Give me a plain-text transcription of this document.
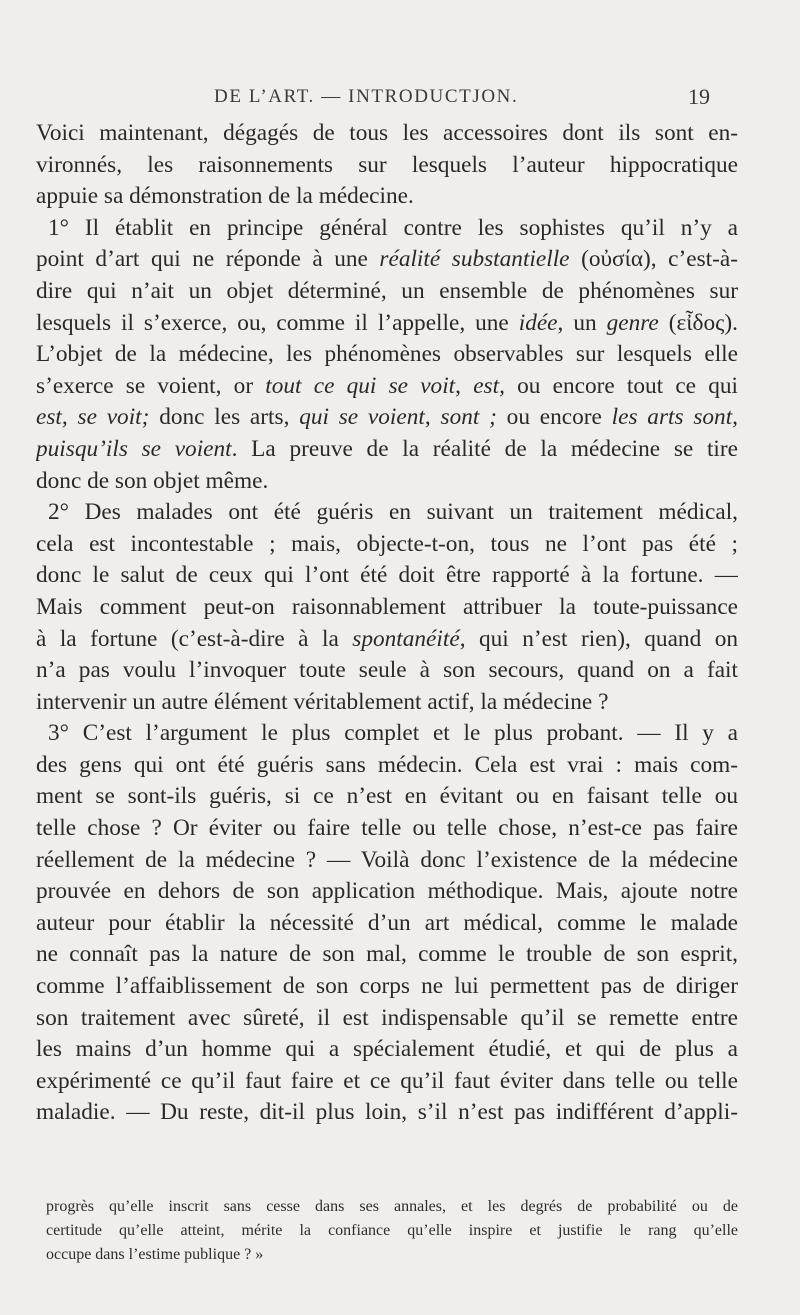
DE L’ART. — INTRODUCTJON.	19

Voici maintenant, dégagés de tous les accessoires dont ils sont en-
vironnés, les raisonnements sur lesquels l’auteur hippocratique
appuie sa démonstration de la médecine.

1° Il établit en principe général contre les sophistes qu’il n’y a
point d’art qui ne réponde à une réalité substantielle (οὐσία), c’est-à-
dire qui n’ait un objet déterminé, un ensemble de phénomènes sur
lesquels il s’exerce, ou, comme il l’appelle, une idée, un genre (εἶδος).
L’objet de la médecine, les phénomènes observables sur lesquels elle
s’exerce se voient, or tout ce qui se voit, est, ou encore tout ce qui
est, se voit; donc les arts, qui se voient, sont ; ou encore les arts sont,
puisqu’ils se voient. La preuve de la réalité de la médecine se tire
donc de son objet même.

2° Des malades ont été guéris en suivant un traitement médical,
cela est incontestable ; mais, objecte-t-on, tous ne l’ont pas été ;
donc le salut de ceux qui l’ont été doit être rapporté à la fortune. —
Mais comment peut-on raisonnablement attribuer la toute-puissance
à la fortune (c’est-à-dire à la spontanéité, qui n’est rien), quand on
n’a pas voulu l’invoquer toute seule à son secours, quand on a fait
intervenir un autre élément véritablement actif, la médecine ?

3° C’est l’argument le plus complet et le plus probant. — Il y a
des gens qui ont été guéris sans médecin. Cela est vrai : mais com-
ment se sont-ils guéris, si ce n’est en évitant ou en faisant telle ou
telle chose ? Or éviter ou faire telle ou telle chose, n’est-ce pas faire
réellement de la médecine ? — Voilà donc l’existence de la médecine
prouvée en dehors de son application méthodique. Mais, ajoute notre
auteur pour établir la nécessité d’un art médical, comme le malade
ne connaît pas la nature de son mal, comme le trouble de son esprit,
comme l’affaiblissement de son corps ne lui permettent pas de diriger
son traitement avec sûreté, il est indispensable qu’il se remette entre
les mains d’un homme qui a spécialement étudié, et qui de plus a
expérimenté ce qu’il faut faire et ce qu’il faut éviter dans telle ou telle
maladie. — Du reste, dit-il plus loin, s’il n’est pas indifférent d’appli-

progrès qu’elle inscrit sans cesse dans ses annales, et les degrés de probabilité ou de
certitude qu’elle atteint, mérite la confiance qu’elle inspire et justifie le rang qu’elle
occupe dans l’estime publique ? »
